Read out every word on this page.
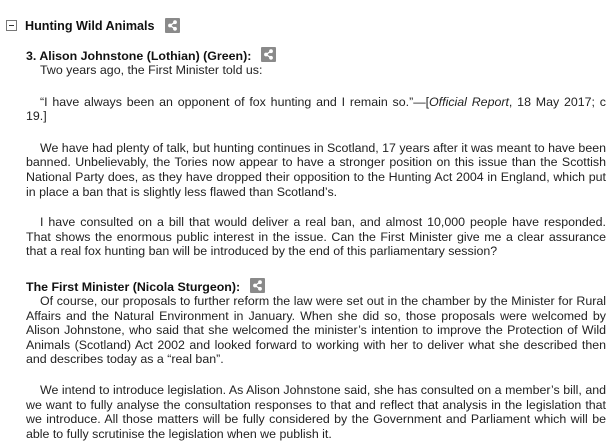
Hunting Wild Animals
3. Alison Johnstone (Lothian) (Green):

Two years ago, the First Minister told us:

“I have always been an opponent of fox hunting and I remain so.”—[Official Report, 18 May 2017; c 19.]

We have had plenty of talk, but hunting continues in Scotland, 17 years after it was meant to have been banned. Unbelievably, the Tories now appear to have a stronger position on this issue than the Scottish National Party does, as they have dropped their opposition to the Hunting Act 2004 in England, which put in place a ban that is slightly less flawed than Scotland’s.

I have consulted on a bill that would deliver a real ban, and almost 10,000 people have responded. That shows the enormous public interest in the issue. Can the First Minister give me a clear assurance that a real fox hunting ban will be introduced by the end of this parliamentary session?

The First Minister (Nicola Sturgeon):

Of course, our proposals to further reform the law were set out in the chamber by the Minister for Rural Affairs and the Natural Environment in January. When she did so, those proposals were welcomed by Alison Johnstone, who said that she welcomed the minister’s intention to improve the Protection of Wild Animals (Scotland) Act 2002 and looked forward to working with her to deliver what she described then and describes today as a “real ban”.

We intend to introduce legislation. As Alison Johnstone said, she has consulted on a member’s bill, and we want to fully analyse the consultation responses to that and reflect that analysis in the legislation that we introduce. All those matters will be fully considered by the Government and Parliament which will be able to fully scrutinise the legislation when we publish it.
